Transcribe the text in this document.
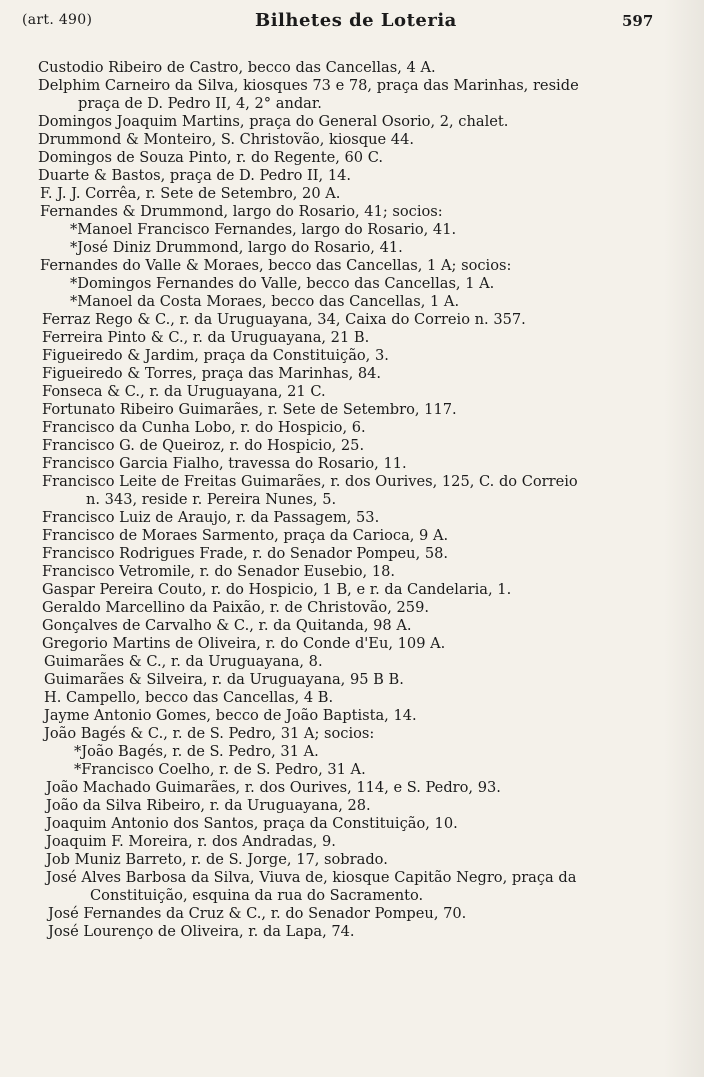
(art. 490)	Bilhetes de Loteria	597
Custodio Ribeiro de Castro, becco das Cancellas, 4 A.
Delphim Carneiro da Silva, kiosques 73 e 78, praça das Marinhas, reside
praça de D. Pedro II, 4, 2° andar.
Domingos Joaquim Martins, praça do General Osorio, 2, chalet.
Drummond & Monteiro, S. Christovão, kiosque 44.
Domingos de Souza Pinto, r. do Regente, 60 C.
Duarte & Bastos, praça de D. Pedro II, 14.
F. J. J. Corrêa, r. Sete de Setembro, 20 A.
Fernandes & Drummond, largo do Rosario, 41; socios:
*Manoel Francisco Fernandes, largo do Rosario, 41.
*José Diniz Drummond, largo do Rosario, 41.
Fernandes do Valle & Moraes, becco das Cancellas, 1 A; socios:
*Domingos Fernandes do Valle, becco das Cancellas, 1 A.
*Manoel da Costa Moraes, becco das Cancellas, 1 A.
Ferraz Rego & C., r. da Uruguayana, 34, Caixa do Correio n. 357.
Ferreira Pinto & C., r. da Uruguayana, 21 B.
Figueiredo & Jardim, praça da Constituição, 3.
Figueiredo & Torres, praça das Marinhas, 84.
Fonseca & C., r. da Uruguayana, 21 C.
Fortunato Ribeiro Guimarães, r. Sete de Setembro, 117.
Francisco da Cunha Lobo, r. do Hospicio, 6.
Francisco G. de Queiroz, r. do Hospicio, 25.
Francisco Garcia Fialho, travessa do Rosario, 11.
Francisco Leite de Freitas Guimarães, r. dos Ourives, 125, C. do Correio
n. 343, reside r. Pereira Nunes, 5.
Francisco Luiz de Araujo, r. da Passagem, 53.
Francisco de Moraes Sarmento, praça da Carioca, 9 A.
Francisco Rodrigues Frade, r. do Senador Pompeu, 58.
Francisco Vetromile, r. do Senador Eusebio, 18.
Gaspar Pereira Couto, r. do Hospicio, 1 B, e r. da Candelaria, 1.
Geraldo Marcellino da Paixão, r. de Christovão, 259.
Gonçalves de Carvalho & C., r. da Quitanda, 98 A.
Gregorio Martins de Oliveira, r. do Conde d'Eu, 109 A.
Guimarães & C., r. da Uruguayana, 8.
Guimarães & Silveira, r. da Uruguayana, 95 B B.
H. Campello, becco das Cancellas, 4 B.
Jayme Antonio Gomes, becco de João Baptista, 14.
João Bagés & C., r. de S. Pedro, 31 A; socios:
*João Bagés, r. de S. Pedro, 31 A.
*Francisco Coelho, r. de S. Pedro, 31 A.
João Machado Guimarães, r. dos Ourives, 114, e S. Pedro, 93.
João da Silva Ribeiro, r. da Uruguayana, 28.
Joaquim Antonio dos Santos, praça da Constituição, 10.
Joaquim F. Moreira, r. dos Andradas, 9.
Job Muniz Barreto, r. de S. Jorge, 17, sobrado.
José Alves Barbosa da Silva, Viuva de, kiosque Capitão Negro, praça da
Constituição, esquina da rua do Sacramento.
José Fernandes da Cruz & C., r. do Senador Pompeu, 70.
José Lourenço de Oliveira, r. da Lapa, 74.
